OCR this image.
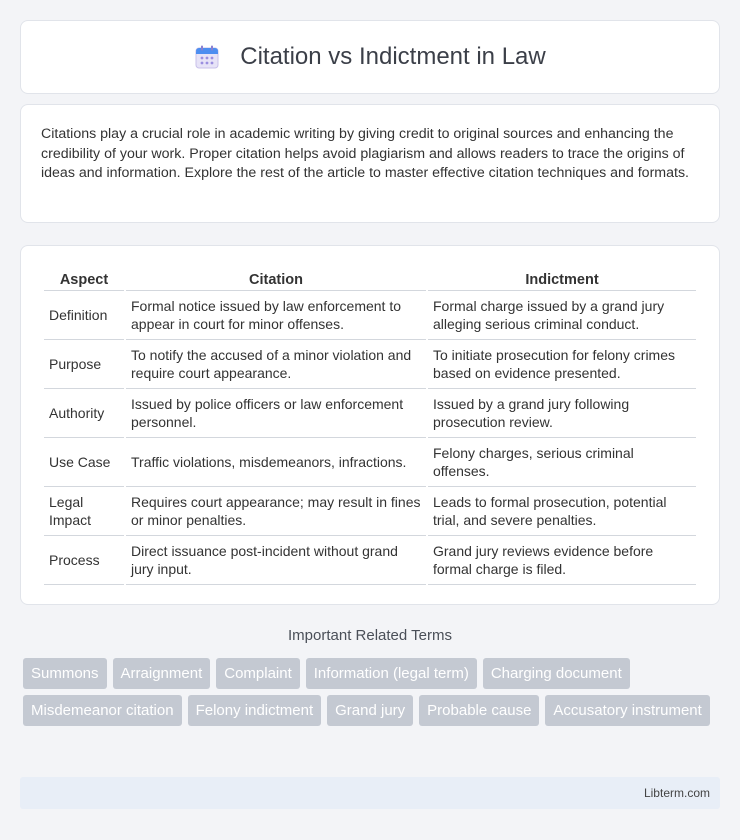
Citation vs Indictment in Law

Citations play a crucial role in academic writing by giving credit to original sources and enhancing the credibility of your work. Proper citation helps avoid plagiarism and allows readers to trace the origins of ideas and information. Explore the rest of the article to master effective citation techniques and formats.

Aspect	Citation	Indictment
Definition	Formal notice issued by law enforcement to appear in court for minor offenses.	Formal charge issued by a grand jury alleging serious criminal conduct.
Purpose	To notify the accused of a minor violation and require court appearance.	To initiate prosecution for felony crimes based on evidence presented.
Authority	Issued by police officers or law enforcement personnel.	Issued by a grand jury following prosecution review.
Use Case	Traffic violations, misdemeanors, infractions.	Felony charges, serious criminal offenses.
Legal Impact	Requires court appearance; may result in fines or minor penalties.	Leads to formal prosecution, potential trial, and severe penalties.
Process	Direct issuance post-incident without grand jury input.	Grand jury reviews evidence before formal charge is filed.
Important Related Terms
Summons	Arraignment	Complaint	Information (legal term)	Charging document
Misdemeanor citation	Felony indictment	Grand jury	Probable cause	Accusatory instrument
Libterm.com
